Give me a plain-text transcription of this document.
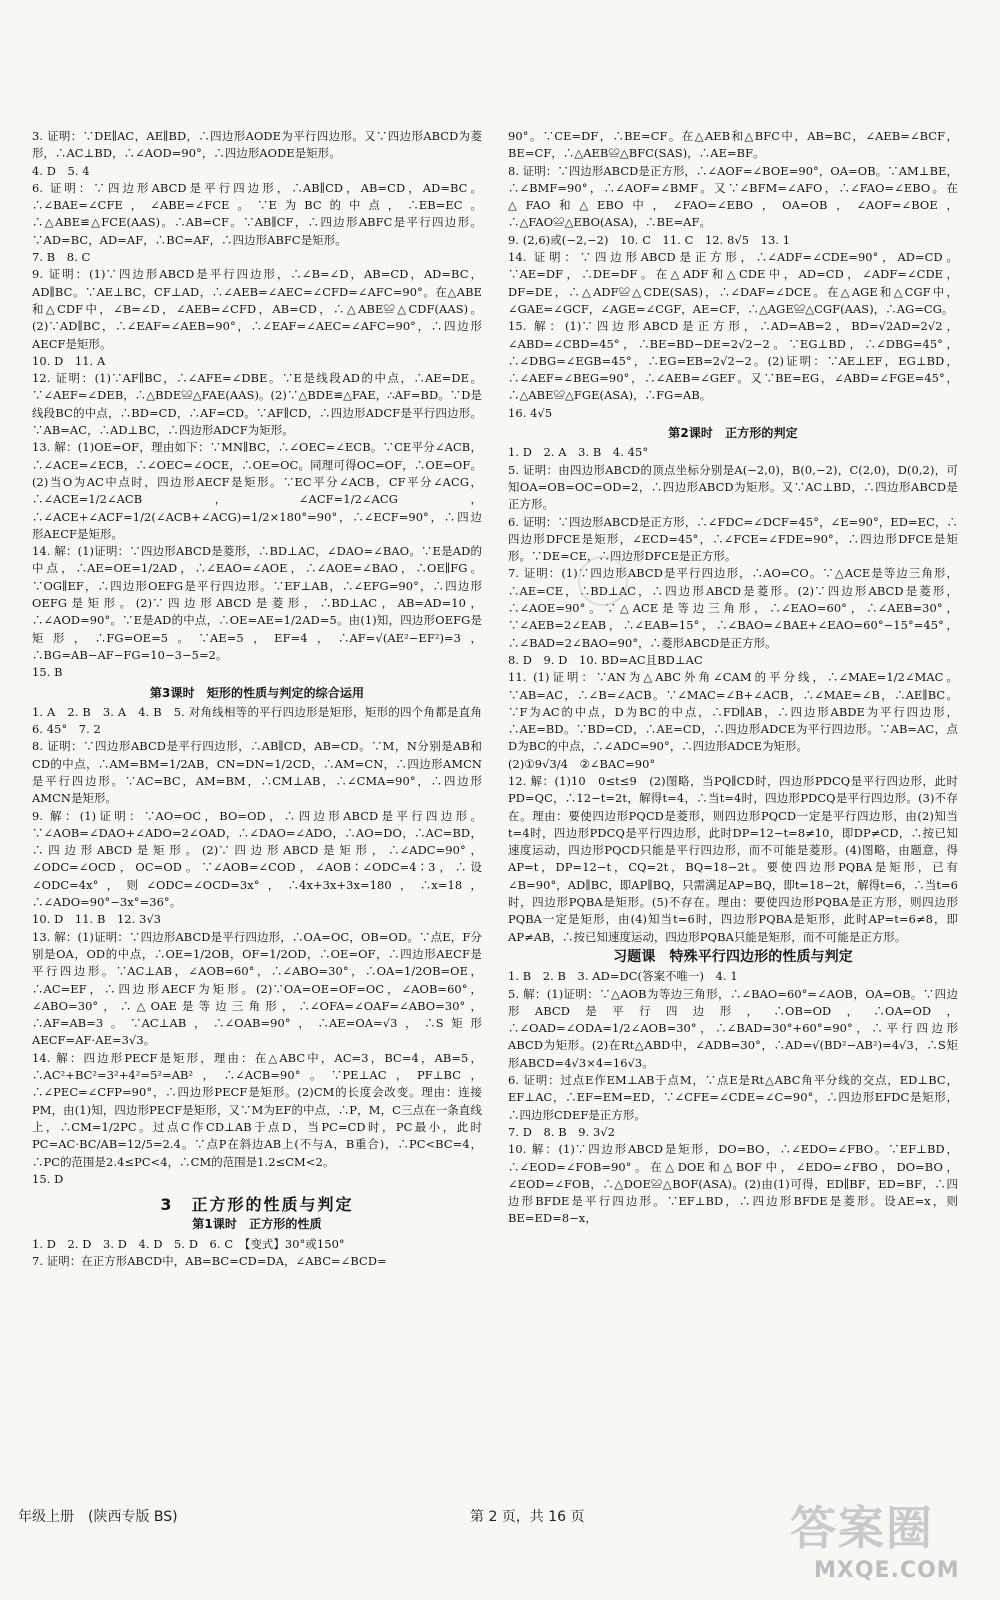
3. 证明：∵DE∥AC，AE∥BD，∴四边形AODE为平行四边形。又∵四边形ABCD为菱形，∴AC⊥BD，∴∠AOD=90°，∴四边形AODE是矩形。

4. D　5. 4

6. 证明：∵四边形ABCD是平行四边形，∴AB∥CD，AB=CD，AD=BC。∴∠BAE=∠CFE，∠ABE=∠FCE。∵E为BC的中点，∴EB=EC。∴△ABE≌△FCE(AAS)。∴AB=CF。∵AB∥CF，∴四边形ABFC是平行四边形。∵AD=BC，AD=AF，∴BC=AF，∴四边形ABFC是矩形。

7. B　8. C

9. 证明：(1)∵四边形ABCD是平行四边形，∴∠B=∠D，AB=CD，AD=BC，AD∥BC。∵AE⊥BC，CF⊥AD，∴∠AEB=∠AEC=∠CFD=∠AFC=90°。在△ABE和△CDF中，∠B=∠D，∠AEB=∠CFD，AB=CD，∴△ABE≌△CDF(AAS)。(2)∵AD∥BC，∴∠EAF=∠AEB=90°，∴∠EAF=∠AEC=∠AFC=90°，∴四边形AECF是矩形。

10. D　11. A

12. 证明：(1)∵AF∥BC，∴∠AFE=∠DBE。∵E是线段AD的中点，∴AE=DE。∵∠AEF=∠DEB，∴△BDE≌△FAE(AAS)。(2)∵△BDE≌△FAE，∴AF=BD。∵D是线段BC的中点，∴BD=CD，∴AF=CD。∵AF∥CD，∴四边形ADCF是平行四边形。∵AB=AC，∴AD⊥BC，∴四边形ADCF为矩形。

13. 解：(1)OE=OF，理由如下：∵MN∥BC，∴∠OEC=∠ECB。∵CE平分∠ACB，∴∠ACE=∠ECB，∴∠OEC=∠OCE，∴OE=OC。同理可得OC=OF，∴OE=OF。(2)当O为AC中点时，四边形AECF是矩形。∵EC平分∠ACB，CF平分∠ACG，∴∠ACE=1/2∠ACB，∠ACF=1/2∠ACG，∴∠ACE+∠ACF=1/2(∠ACB+∠ACG)=1/2×180°=90°，∴∠ECF=90°，∴四边形AECF是矩形。

14. 解：(1)证明：∵四边形ABCD是菱形，∴BD⊥AC，∠DAO=∠BAO。∵E是AD的中点，∴AE=OE=1/2AD，∴∠EAO=∠AOE，∴∠AOE=∠BAO，∴OE∥FG。∵OG∥EF，∴四边形OEFG是平行四边形。∵EF⊥AB，∴∠EFG=90°，∴四边形OEFG是矩形。(2)∵四边形ABCD是菱形，∴BD⊥AC，AB=AD=10，∴∠AOD=90°。∵E是AD的中点，∴OE=AE=1/2AD=5。由(1)知，四边形OEFG是矩形，∴FG=OE=5。∵AE=5，EF=4，∴AF=√(AE²−EF²)=3，∴BG=AB−AF−FG=10−3−5=2。

15. B

第3课时　矩形的性质与判定的综合运用

1. A　2. B　3. A　4. B　5. 对角线相等的平行四边形是矩形，矩形的四个角都是直角　6. 45°　7. 2

8. 证明：∵四边形ABCD是平行四边形，∴AB∥CD，AB=CD。∵M，N分别是AB和CD的中点，∴AM=BM=1/2AB，CN=DN=1/2CD，∴AM=CN，∴四边形AMCN是平行四边形。∵AC=BC，AM=BM，∴CM⊥AB，∴∠CMA=90°，∴四边形AMCN是矩形。

9. 解：(1)证明：∵AO=OC，BO=OD，∴四边形ABCD是平行四边形。∵∠AOB=∠DAO+∠ADO=2∠OAD，∴∠DAO=∠ADO，∴AO=DO，∴AC=BD，∴四边形ABCD是矩形。(2)∵四边形ABCD是矩形，∴∠ADC=90°，∠ODC=∠OCD，OC=OD。∵∠AOB=∠COD，∠AOB∶∠ODC=4∶3，∴设∠ODC=4x°，则∠ODC=∠OCD=3x°，∴4x+3x+3x=180，∴x=18，∴∠ADO=90°−3x°=36°。

10. D　11. B　12. 3√3

13. 解：(1)证明：∵四边形ABCD是平行四边形，∴OA=OC，OB=OD。∵点E，F分别是OA，OD的中点，∴OE=1/2OB，OF=1/2OD，∴OE=OF，∴四边形AECF是平行四边形。∵AC⊥AB，∠AOB=60°，∴∠ABO=30°，∴OA=1/2OB=OE，∴AC=EF，∴四边形AECF为矩形。(2)∵OA=OE=OF=OC，∠AOB=60°，∠ABO=30°，∴△OAE是等边三角形，∴∠OFA=∠OAF=∠ABO=30°，∴AF=AB=3。∵AC⊥AB，∴∠OAB=90°，∴AE=OA=√3，∴S矩形AECF=AF·AE=3√3。

14. 解：四边形PECF是矩形，理由：在△ABC中，AC=3，BC=4，AB=5，∴AC²+BC²=3²+4²=5²=AB²，∴∠ACB=90°。∵PE⊥AC，PF⊥BC，∴∠PEC=∠CFP=90°，∴四边形PECF是矩形。(2)CM的长度会改变。理由：连接PM，由(1)知，四边形PECF是矩形，又∵M为EF的中点，∴P，M，C三点在一条直线上，∴CM=1/2PC。过点C作CD⊥AB于点D，当PC=CD时，PC最小，此时PC=AC·BC/AB=12/5=2.4。∵点P在斜边AB上(不与A，B重合)，∴PC<BC=4，∴PC的范围是2.4≤PC<4，∴CM的范围是1.2≤CM<2。

15. D

3　正方形的性质与判定
第1课时　正方形的性质

1. D　2. D　3. D　4. D　5. D　6. C　【变式】30°或150°

7. 证明：在正方形ABCD中，AB=BC=CD=DA，∠ABC=∠BCD=

90°。∵CE=DF，∴BE=CF。在△AEB和△BFC中，AB=BC，∠AEB=∠BCF，BE=CF，∴△AEB≌△BFC(SAS)，∴AE=BF。

8. 证明：∵四边形ABCD是正方形，∴∠AOF=∠BOE=90°，OA=OB。∵AM⊥BE，∴∠BMF=90°，∴∠AOF=∠BMF。又∵∠BFM=∠AFO，∴∠FAO=∠EBO。在△FAO和△EBO中，∠FAO=∠EBO，OA=OB，∠AOF=∠BOE，∴△FAO≌△EBO(ASA)，∴BE=AF。

9. (2,6)或(−2,−2)　10. C　11. C　12. 8√5　13. 1

14. 证明：∵四边形ABCD是正方形，∴∠ADF=∠CDE=90°，AD=CD。∵AE=DF，∴DE=DF。在△ADF和△CDE中，AD=CD，∠ADF=∠CDE，DF=DE，∴△ADF≌△CDE(SAS)，∴∠DAF=∠DCE。在△AGE和△CGF中，∠GAE=∠GCF，∠AGE=∠CGF，AE=CF，∴△AGE≌△CGF(AAS)，∴AG=CG。

15. 解：(1)∵四边形ABCD是正方形，∴AD=AB=2，BD=√2AD=2√2，∠ABD=∠CBD=45°，∴BE=BD−DE=2√2−2。∵EG⊥BD，∴∠DBG=45°，∴∠DBG=∠EGB=45°，∴EG=EB=2√2−2。(2)证明：∵AE⊥EF，EG⊥BD，∴∠AEF=∠BEG=90°，∴∠AEB=∠GEF。又∵BE=EG，∠ABD=∠FGE=45°，∴△ABE≌△FGE(ASA)，∴FG=AB。

16. 4√5

第2课时　正方形的判定

1. D　2. A　3. B　4. 45°

5. 证明：由四边形ABCD的顶点坐标分别是A(−2,0)，B(0,−2)，C(2,0)，D(0,2)，可知OA=OB=OC=OD=2，∴四边形ABCD为矩形。又∵AC⊥BD，∴四边形ABCD是正方形。

6. 证明：∵四边形ABCD是正方形，∴∠FDC=∠DCF=45°，∠E=90°，ED=EC，∴四边形DFCE是矩形，∠ECD=45°，∴∠FCE=∠FDE=90°，∴四边形DFCE是矩形。∵DE=CE，∴四边形DFCE是正方形。

7. 证明：(1)∵四边形ABCD是平行四边形，∴AO=CO。∵△ACE是等边三角形，∴AE=CE，∴BD⊥AC，∴四边形ABCD是菱形。(2)∵四边形ABCD是菱形，∴∠AOE=90°。∵△ACE是等边三角形，∴∠EAO=60°，∴∠AEB=30°，∵∠AEB=2∠EAB，∴∠EAB=15°，∴∠BAO=∠BAE+∠EAO=60°−15°=45°，∴∠BAD=2∠BAO=90°，∴菱形ABCD是正方形。

8. D　9. D　10. BD=AC且BD⊥AC

11. (1)证明：∵AN为△ABC外角∠CAM的平分线，∴∠MAE=1/2∠MAC。∵AB=AC，∴∠B=∠ACB。∵∠MAC=∠B+∠ACB，∴∠MAE=∠B，∴AE∥BC。∵F为AC的中点，D为BC的中点，∴FD∥AB，∴四边形ABDE为平行四边形，∴AE=BD。∵BD=CD，∴AE=CD，∴四边形ADCE为平行四边形。∵AB=AC，点D为BC的中点，∴∠ADC=90°，∴四边形ADCE为矩形。

(2)①9√3/4　②∠BAC=90°

12. 解：(1)10　0≤t≤9　(2)图略，当PQ∥CD时，四边形PDCQ是平行四边形，此时PD=QC，∴12−t=2t，解得t=4，∴当t=4时，四边形PDCQ是平行四边形。(3)不存在。理由：要使四边形PQCD是菱形，则四边形PQCD一定是平行四边形，由(2)知当t=4时，四边形PDCQ是平行四边形，此时DP=12−t=8≠10，即DP≠CD，∴按已知速度运动，四边形PQCD只能是平行四边形，而不可能是菱形。(4)图略，由题意，得AP=t，DP=12−t，CQ=2t，BQ=18−2t。要使四边形PQBA是矩形，已有∠B=90°，AD∥BC，即AP∥BQ，只需满足AP=BQ，即t=18−2t，解得t=6，∴当t=6时，四边形PQBA是矩形。(5)不存在。理由：要使四边形PQBA是正方形，则四边形PQBA一定是矩形，由(4)知当t=6时，四边形PQBA是矩形，此时AP=t=6≠8，即AP≠AB，∴按已知速度运动，四边形PQBA只能是矩形，而不可能是正方形。

习题课　特殊平行四边形的性质与判定

1. B　2. B　3. AD=DC(答案不唯一)　4. 1

5. 解：(1)证明：∵△AOB为等边三角形，∴∠BAO=60°=∠AOB，OA=OB。∵四边形ABCD是平行四边形，∴OB=OD，∴OA=OD，∴∠OAD=∠ODA=1/2∠AOB=30°，∴∠BAD=30°+60°=90°，∴平行四边形ABCD为矩形。(2)在Rt△ABD中，∠ADB=30°，∴AD=√(BD²−AB²)=4√3，∴S矩形ABCD=4√3×4=16√3。

6. 证明：过点E作EM⊥AB于点M，∵点E是Rt△ABC角平分线的交点，ED⊥BC，EF⊥AC，∴EF=EM=ED，∵∠CFE=∠CDE=∠C=90°，∴四边形EFDC是矩形，∴四边形CDEF是正方形。

7. D　8. B　9. 3√2

10. 解：(1)∵四边形ABCD是矩形，DO=BO，∴∠EDO=∠FBO。∵EF⊥BD，∴∠EOD=∠FOB=90°。在△DOE和△BOF中，∠EDO=∠FBO，DO=BO，∠EOD=∠FOB，∴△DOE≌△BOF(ASA)。(2)由(1)可得，ED∥BF，ED=BF，∴四边形BFDE是平行四边形。∵EF⊥BD，∴四边形BFDE是菱形。设AE=x，则BE=ED=8−x，

年级上册　(陕西专版 BS)	第 2 页，共 16 页	答案圈
MXQE.COM
